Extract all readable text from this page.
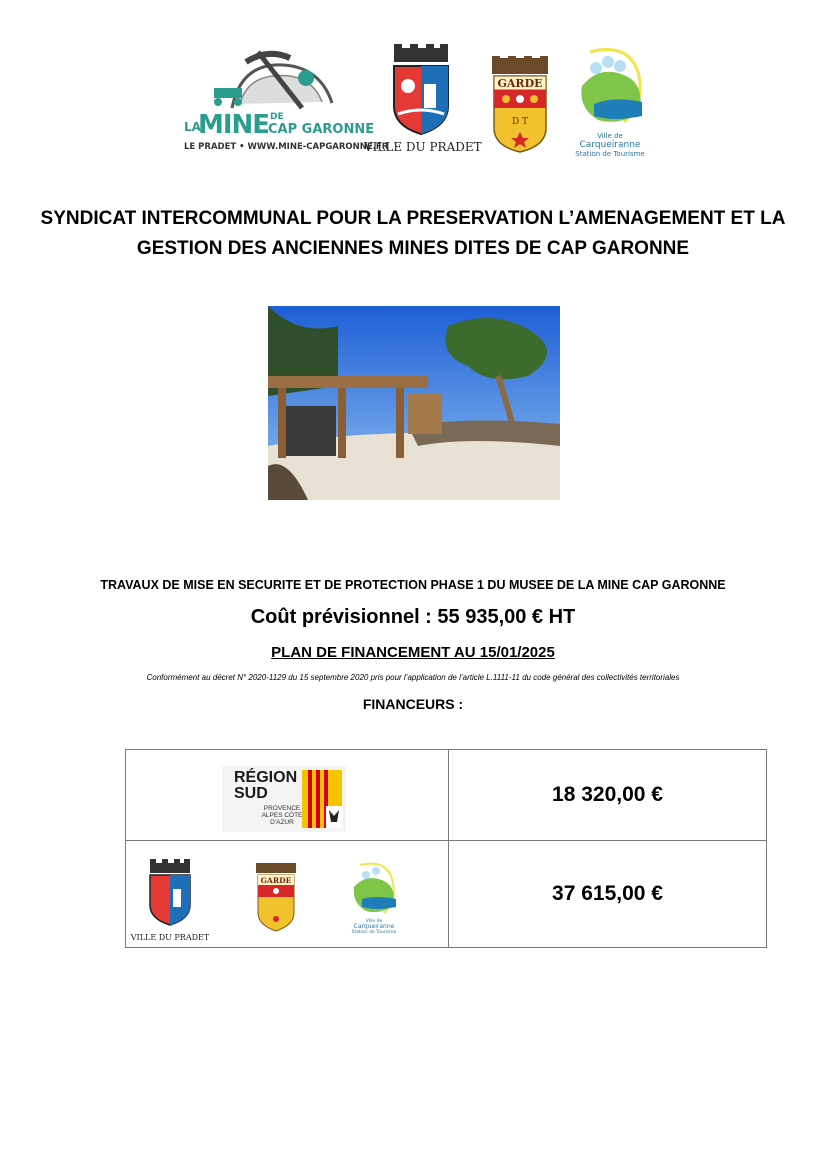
LA
MINE DE
CAP GARONNE
LE PRADET • WWW.MINE-CAPGARONNE.FR
VILLE DU PRADET
GARDE
D T
Ville de
Carqueiranne
Station de Tourisme
SYNDICAT INTERCOMMUNAL POUR LA PRESERVATION L’AMENAGEMENT ET LA GESTION DES ANCIENNES MINES DITES DE CAP GARONNE
TRAVAUX DE MISE EN SECURITE ET DE PROTECTION PHASE 1 DU MUSEE DE LA MINE CAP GARONNE
Coût prévisionnel : 55 935,00 € HT
PLAN DE FINANCEMENT AU 15/01/2025
Conformément au décret N° 2020-1129 du 15 septembre 2020 pris pour l’application de l’article L.1111-11 du code général des collectivités territoriales
FINANCEURS :
RÉGION
SUD
PROVENCE ALPES CÔTE D'AZUR	18 320,00 €

VILLE DU PRADET
GARDE
Ville de
Carqueiranne
Station de Tourisme	37 615,00 €
